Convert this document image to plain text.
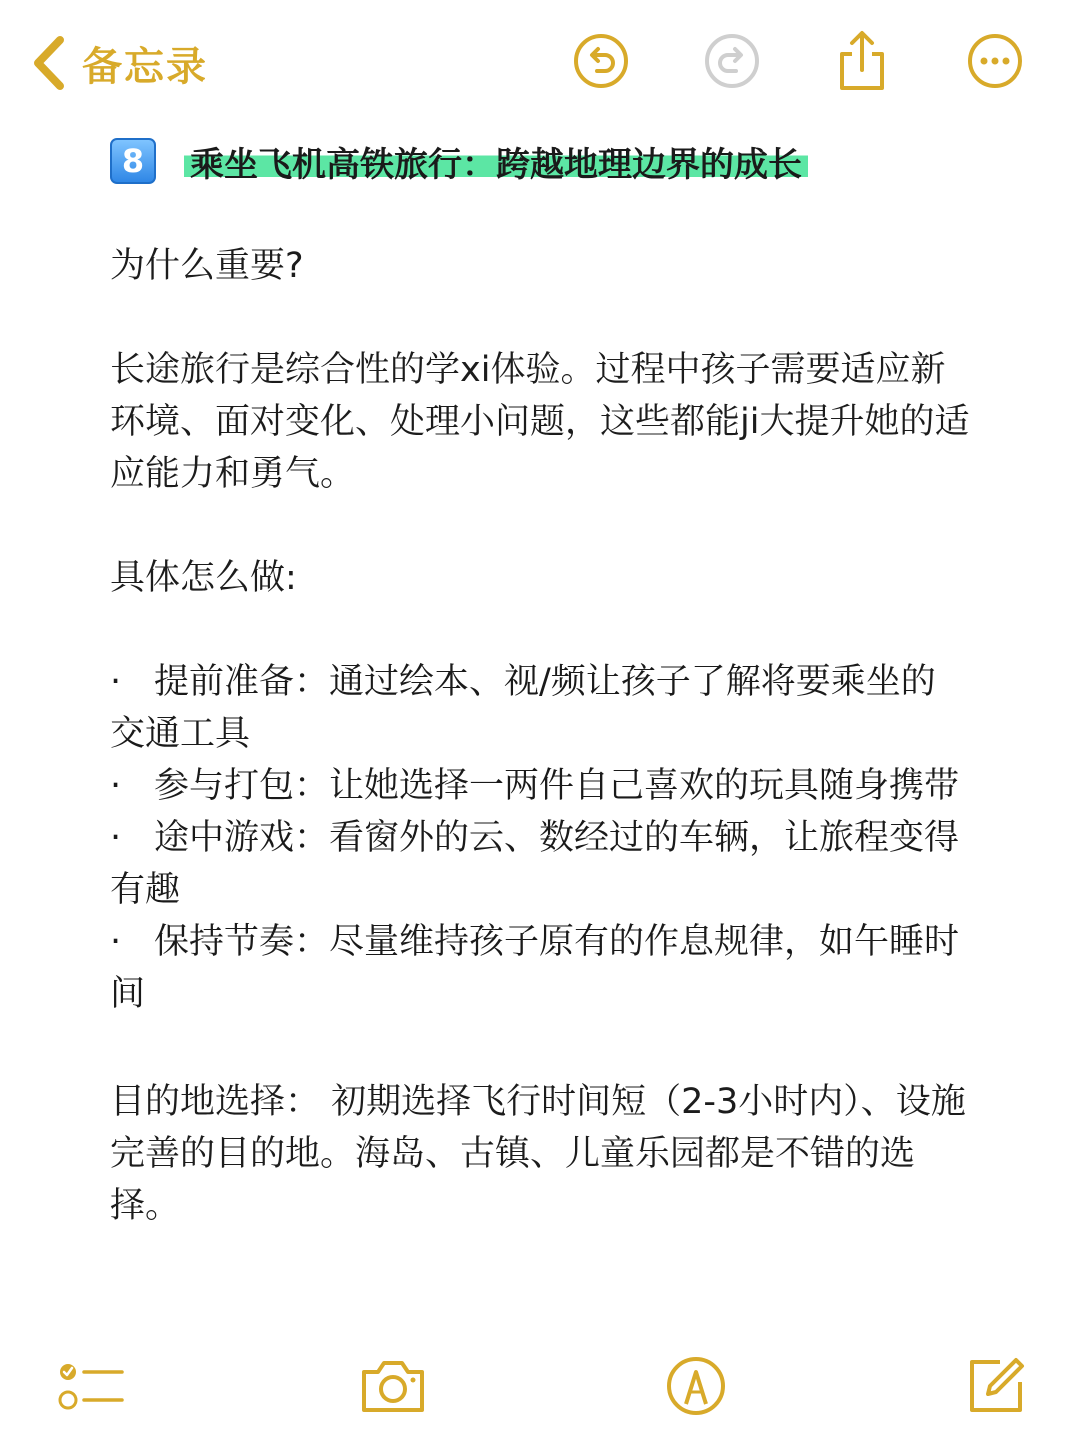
备忘录
8	乘坐飞机高铁旅行：跨越地理边界的成长

为什么重要?

长途旅行是综合性的学xi体验。过程中孩子需要适应新环境、面对变化、处理小问题，这些都能ji大提升她的适应能力和勇气。

具体怎么做:

· 提前准备：通过绘本、视/频让孩子了解将要乘坐的交通工具

· 参与打包：让她选择一两件自己喜欢的玩具随身携带

· 途中游戏：看窗外的云、数经过的车辆，让旅程变得有趣

· 保持节奏：尽量维持孩子原有的作息规律，如午睡时间

目的地选择： 初期选择飞行时间短（2-3小时内）、设施完善的目的地。海岛、古镇、儿童乐园都是不错的选择。
